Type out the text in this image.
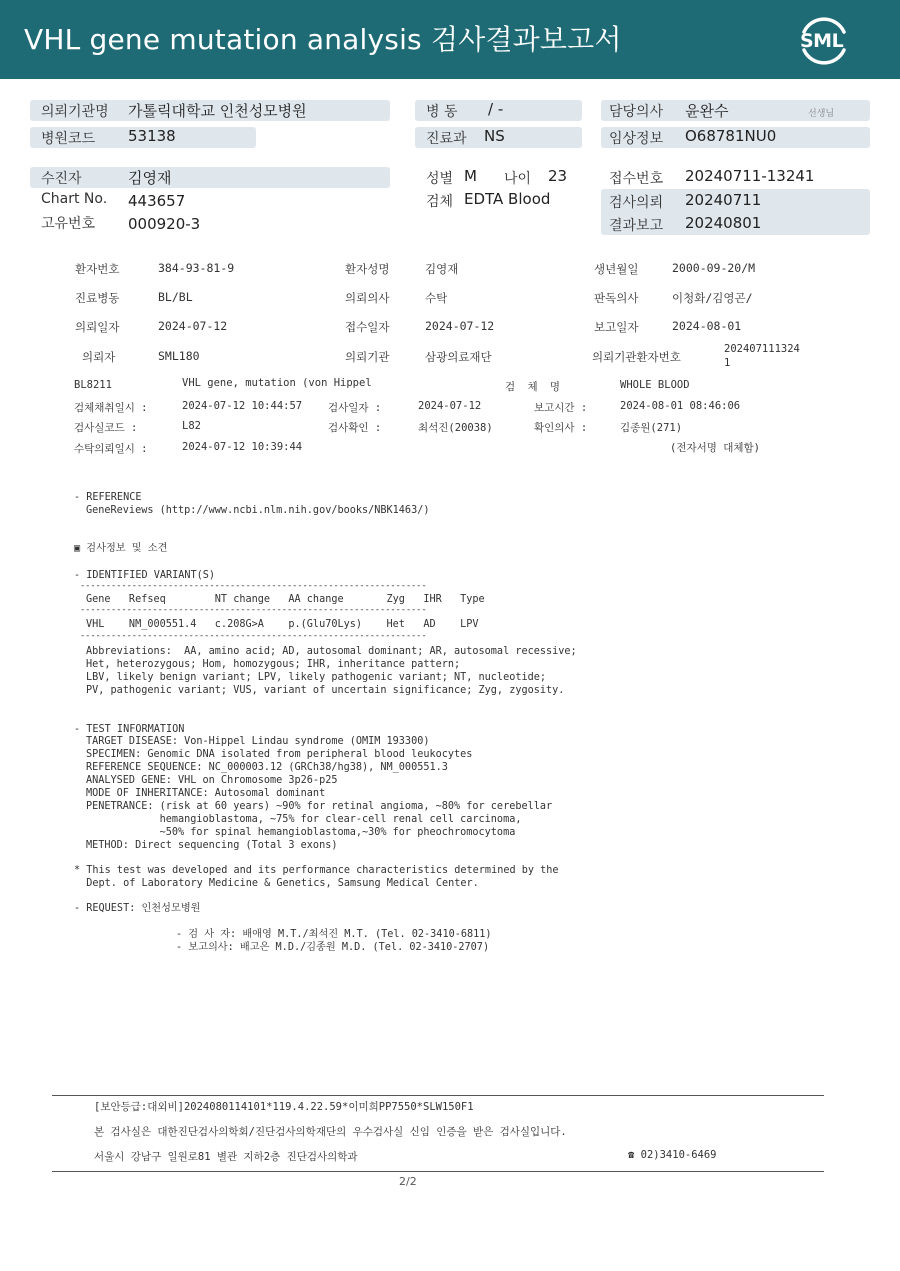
VHL gene mutation analysis 검사결과보고서	SML
의뢰기관명 가톨릭대학교 인천성모병원
병원코드 53138
병 동 / -
진료과 NS
담당의사 윤완수	선생님
임상정보 O68781NU0
수진자	김영재
Chart No. 443657
고유번호 000920-3
성별 M 나이 23
검체 EDTA Blood
접수번호 20240711-13241
검사의뢰 20240711
결과보고 20240801
환자번호	384-93-81-9	환자성명	김영재	생년월일	2000-09-20/M
진료병동	BL/BL	의뢰의사	수탁	판독의사	이청화/김영곤/
의뢰일자	2024-07-12	접수일자	2024-07-12	보고일자	2024-08-01
의뢰자	SML180	의뢰기관	삼광의료재단	의뢰기관환자번호
202407111324
1
BL8211	VHL gene, mutation (von Hippel	검 체 명	WHOLE BLOOD
검체채취일시 :	2024-07-12 10:44:57 검사일자 :	2024-07-12	보고시간 :	2024-08-01 08:46:06
검사실코드 :	L82	검사확인 :	최석진(20038)	확인의사 :	김종원(271)
수탁의뢰일시 :	2024-07-12 10:39:44	(전자서명 대체함)
- REFERENCE
GeneReviews (http://www.ncbi.nlm.nih.gov/books/NBK1463/)
▣ 검사정보 및 소견
- IDENTIFIED VARIANT(S)
-------------------------------------------------------------------
Gene   Refseq        NT change   AA change       Zyg   IHR   Type
-------------------------------------------------------------------
VHL    NM_000551.4   c.208G>A    p.(Glu70Lys)    Het   AD    LPV
-------------------------------------------------------------------
Abbreviations:  AA, amino acid; AD, autosomal dominant; AR, autosomal recessive;
Het, heterozygous; Hom, homozygous; IHR, inheritance pattern;
LBV, likely benign variant; LPV, likely pathogenic variant; NT, nucleotide;
PV, pathogenic variant; VUS, variant of uncertain significance; Zyg, zygosity.
- TEST INFORMATION
TARGET DISEASE: Von-Hippel Lindau syndrome (OMIM 193300)
SPECIMEN: Genomic DNA isolated from peripheral blood leukocytes
REFERENCE SEQUENCE: NC_000003.12 (GRCh38/hg38), NM_000551.3
ANALYSED GENE: VHL on Chromosome 3p26-p25
MODE OF INHERITANCE: Autosomal dominant
PENETRANCE: (risk at 60 years) ~90% for retinal angioma, ~80% for cerebellar
hemangioblastoma, ~75% for clear-cell renal cell carcinoma,
~50% for spinal hemangioblastoma,~30% for pheochromocytoma
METHOD: Direct sequencing (Total 3 exons)
* This test was developed and its performance characteristics determined by the
Dept. of Laboratory Medicine & Genetics, Samsung Medical Center.
- REQUEST: 인천성모병원
- 검 사 자: 배애영 M.T./최석진 M.T. (Tel. 02-3410-6811)
- 보고의사: 배고은 M.D./김종원 M.D. (Tel. 02-3410-2707)
[보안등급:대외비]2024080114101*119.4.22.59*이미희PP7550*SLW150F1
본 검사실은 대한진단검사의학회/진단검사의학재단의 우수검사실 신임 인증을 받은 검사실입니다.
서울시 강남구 일원로81 별관 지하2층 진단검사의학과	☎ 02)3410-6469
2/2
